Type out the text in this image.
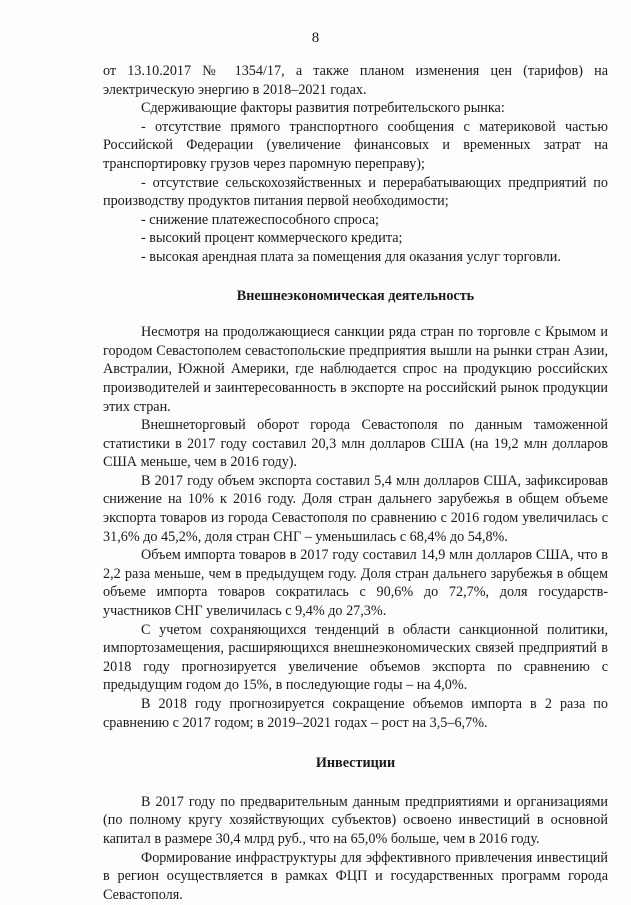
8

от 13.10.2017 № 1354/17, а также планом изменения цен (тарифов) на электрическую энергию в 2018–2021 годах.

Сдерживающие факторы развития потребительского рынка:

- отсутствие прямого транспортного сообщения с материковой частью Российской Федерации (увеличение финансовых и временных затрат на транспортировку грузов через паромную переправу);

- отсутствие сельскохозяйственных и перерабатывающих предприятий по производству продуктов питания первой необходимости;

- снижение платежеспособного спроса;

- высокий процент коммерческого кредита;

- высокая арендная плата за помещения для оказания услуг торговли.

Внешнеэкономическая деятельность

Несмотря на продолжающиеся санкции ряда стран по торговле с Крымом и городом Севастополем севастопольские предприятия вышли на рынки стран Азии, Австралии, Южной Америки, где наблюдается спрос на продукцию российских производителей и заинтересованность в экспорте на российский рынок продукции этих стран.

Внешнеторговый оборот города Севастополя по данным таможенной статистики в 2017 году составил 20,3 млн долларов США (на 19,2 млн долларов США меньше, чем в 2016 году).

В 2017 году объем экспорта составил 5,4 млн долларов США, зафиксировав снижение на 10% к 2016 году. Доля стран дальнего зарубежья в общем объеме экспорта товаров из города Севастополя по сравнению с 2016 годом увеличилась с 31,6% до 45,2%, доля стран СНГ – уменьшилась с 68,4% до 54,8%.

Объем импорта товаров в 2017 году составил 14,9 млн долларов США, что в 2,2 раза меньше, чем в предыдущем году. Доля стран дальнего зарубежья в общем объеме импорта товаров сократилась с 90,6% до 72,7%, доля государств-участников СНГ увеличилась с 9,4% до 27,3%.

С учетом сохраняющихся тенденций в области санкционной политики, импортозамещения, расширяющихся внешнеэкономических связей предприятий в 2018 году прогнозируется увеличение объемов экспорта по сравнению с предыдущим годом до 15%, в последующие годы – на 4,0%.

В 2018 году прогнозируется сокращение объемов импорта в 2 раза по сравнению с 2017 годом; в 2019–2021 годах – рост на 3,5–6,7%.

Инвестиции

В 2017 году по предварительным данным предприятиями и организациями (по полному кругу хозяйствующих субъектов) освоено инвестиций в основной капитал в размере 30,4 млрд руб., что на 65,0% больше, чем в 2016 году.

Формирование инфраструктуры для эффективного привлечения инвестиций в регион осуществляется в рамках ФЦП и государственных программ города Севастополя.
